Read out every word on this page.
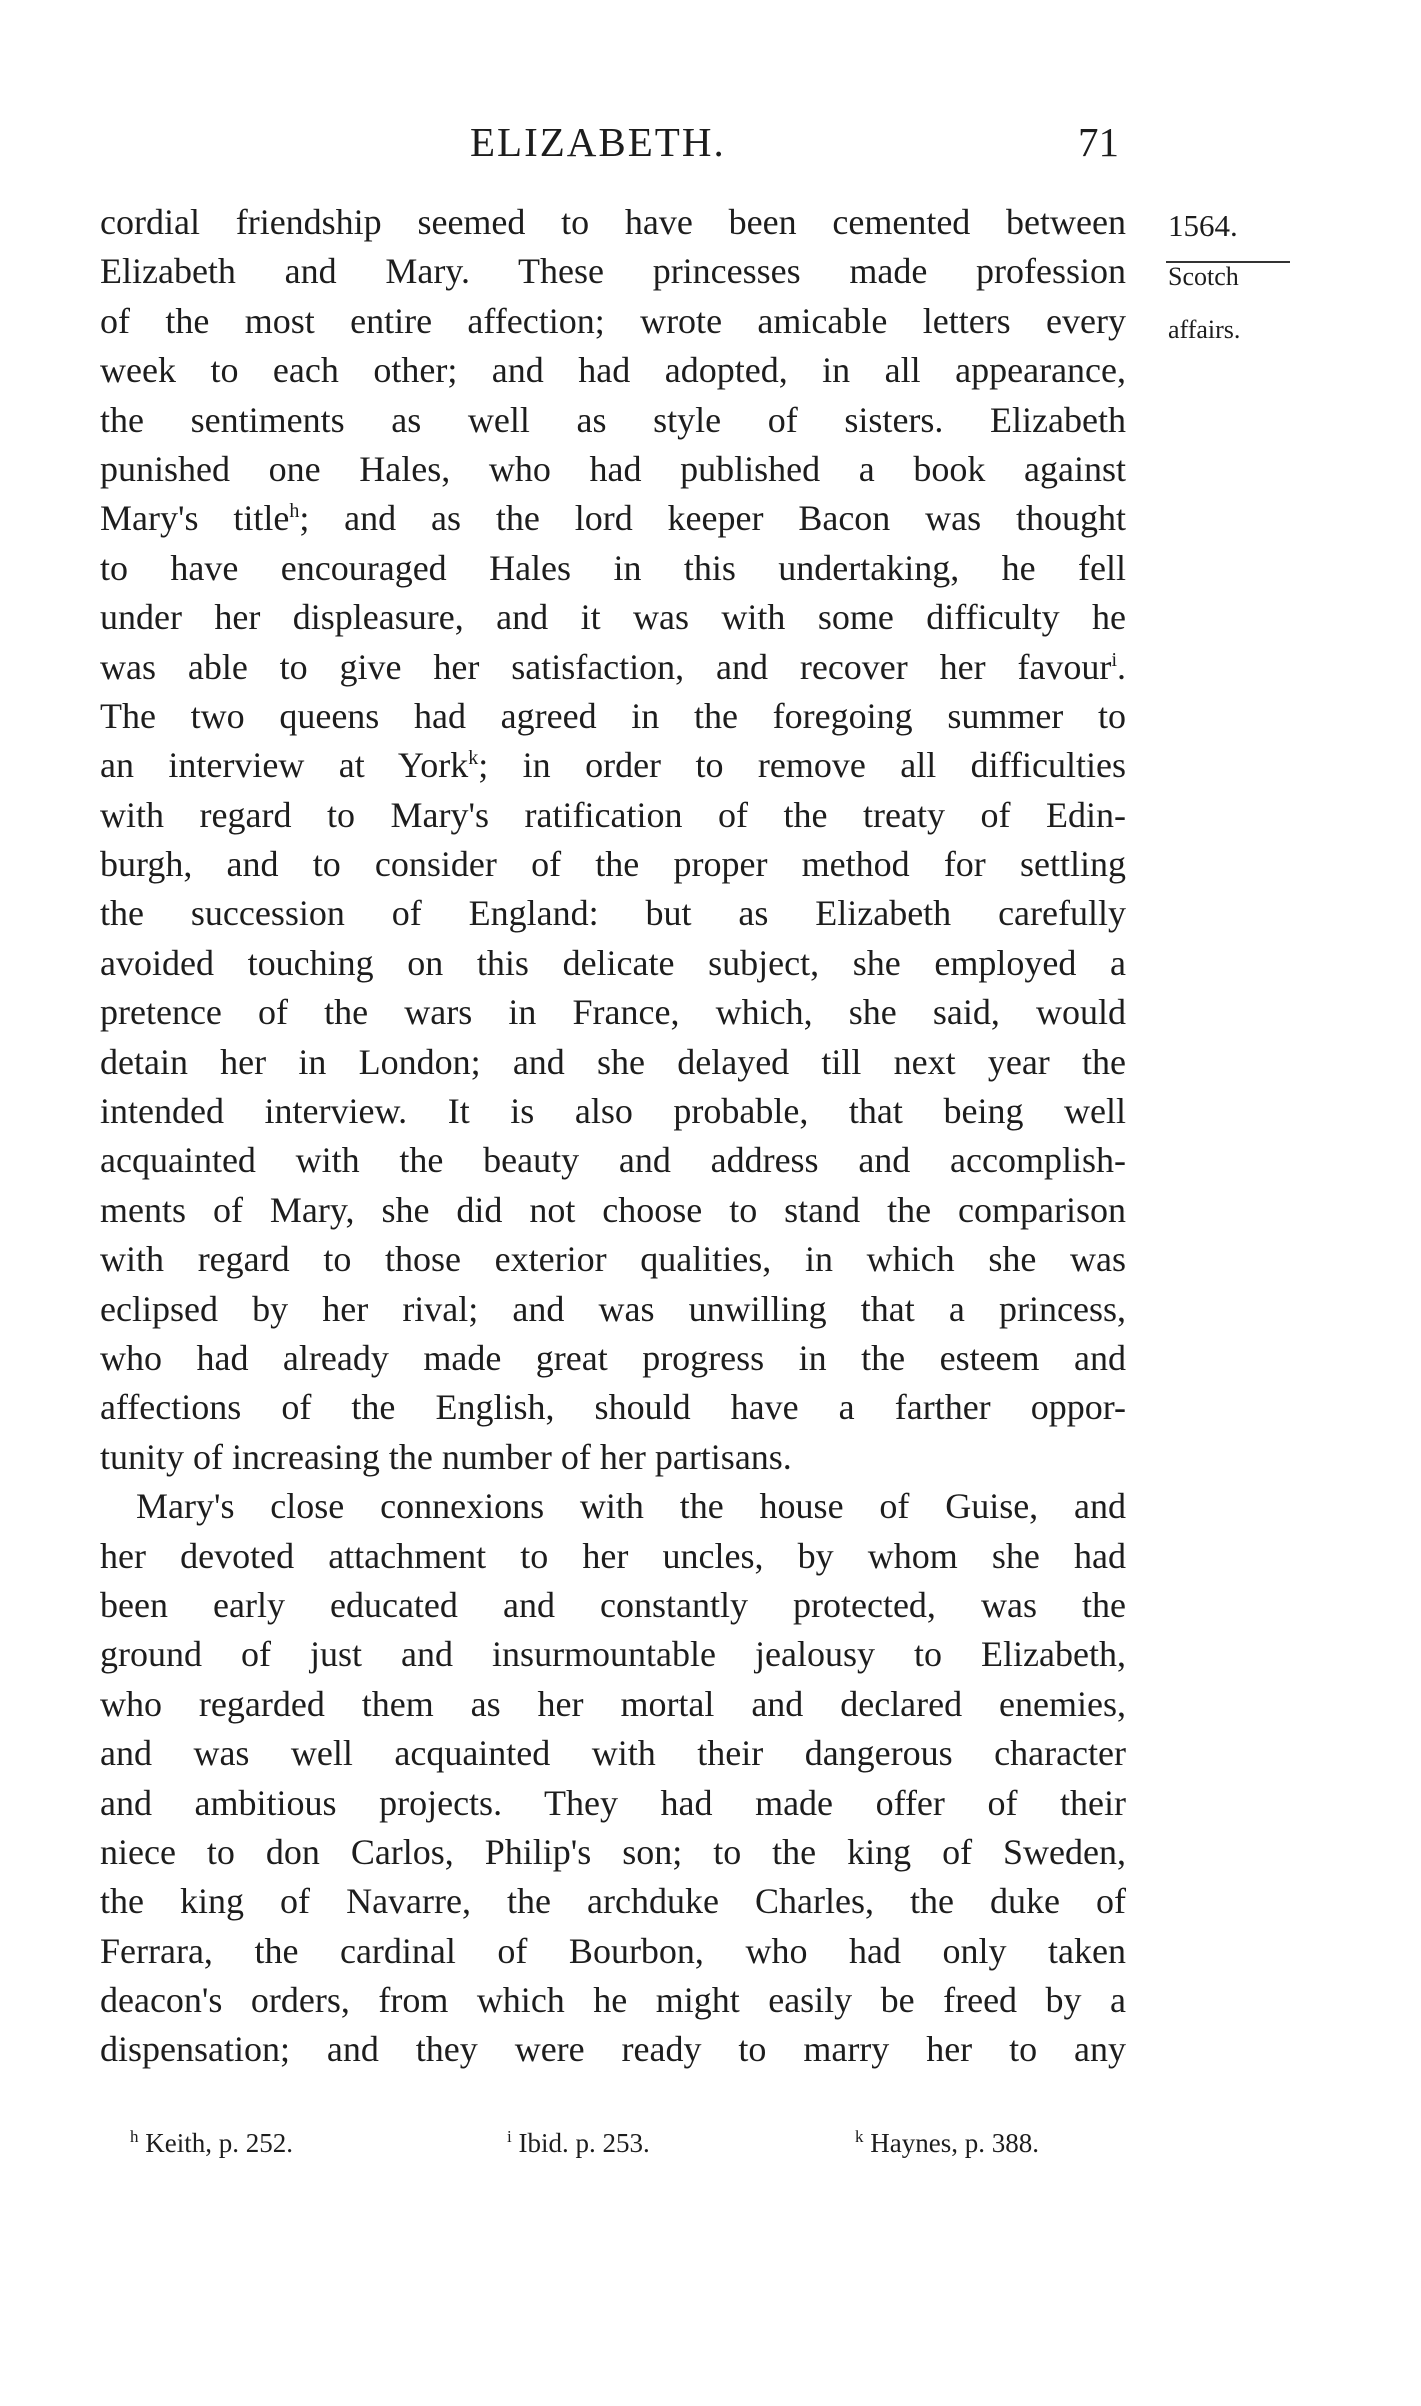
ELIZABETH.	71
1564.
Scotch
affairs.
cordial friendship seemed to have been cemented between
Elizabeth and Mary. These princesses made profession
of the most entire affection; wrote amicable letters every
week to each other; and had adopted, in all appearance,
the sentiments as well as style of sisters. Elizabeth
punished one Hales, who had published a book against
Mary's title$^h$; and as the lord keeper Bacon was thought
to have encouraged Hales in this undertaking, he fell
under her displeasure, and it was with some difficulty he
was able to give her satisfaction, and recover her favour$^i$.
The two queens had agreed in the foregoing summer to
an interview at York$^k$; in order to remove all difficulties
with regard to Mary's ratification of the treaty of Edin-
burgh, and to consider of the proper method for settling
the succession of England: but as Elizabeth carefully
avoided touching on this delicate subject, she employed a
pretence of the wars in France, which, she said, would
detain her in London; and she delayed till next year the
intended interview. It is also probable, that being well
acquainted with the beauty and address and accomplish-
ments of Mary, she did not choose to stand the comparison
with regard to those exterior qualities, in which she was
eclipsed by her rival; and was unwilling that a princess,
who had already made great progress in the esteem and
affections of the English, should have a farther oppor-
tunity of increasing the number of her partisans.
Mary's close connexions with the house of Guise, and
her devoted attachment to her uncles, by whom she had
been early educated and constantly protected, was the
ground of just and insurmountable jealousy to Elizabeth,
who regarded them as her mortal and declared enemies,
and was well acquainted with their dangerous character
and ambitious projects. They had made offer of their
niece to don Carlos, Philip's son; to the king of Sweden,
the king of Navarre, the archduke Charles, the duke of
Ferrara, the cardinal of Bourbon, who had only taken
deacon's orders, from which he might easily be freed by a
dispensation; and they were ready to marry her to any
$^h$ Keith, p. 252.	$^i$ Ibid. p. 253.	$^k$ Haynes, p. 388.
